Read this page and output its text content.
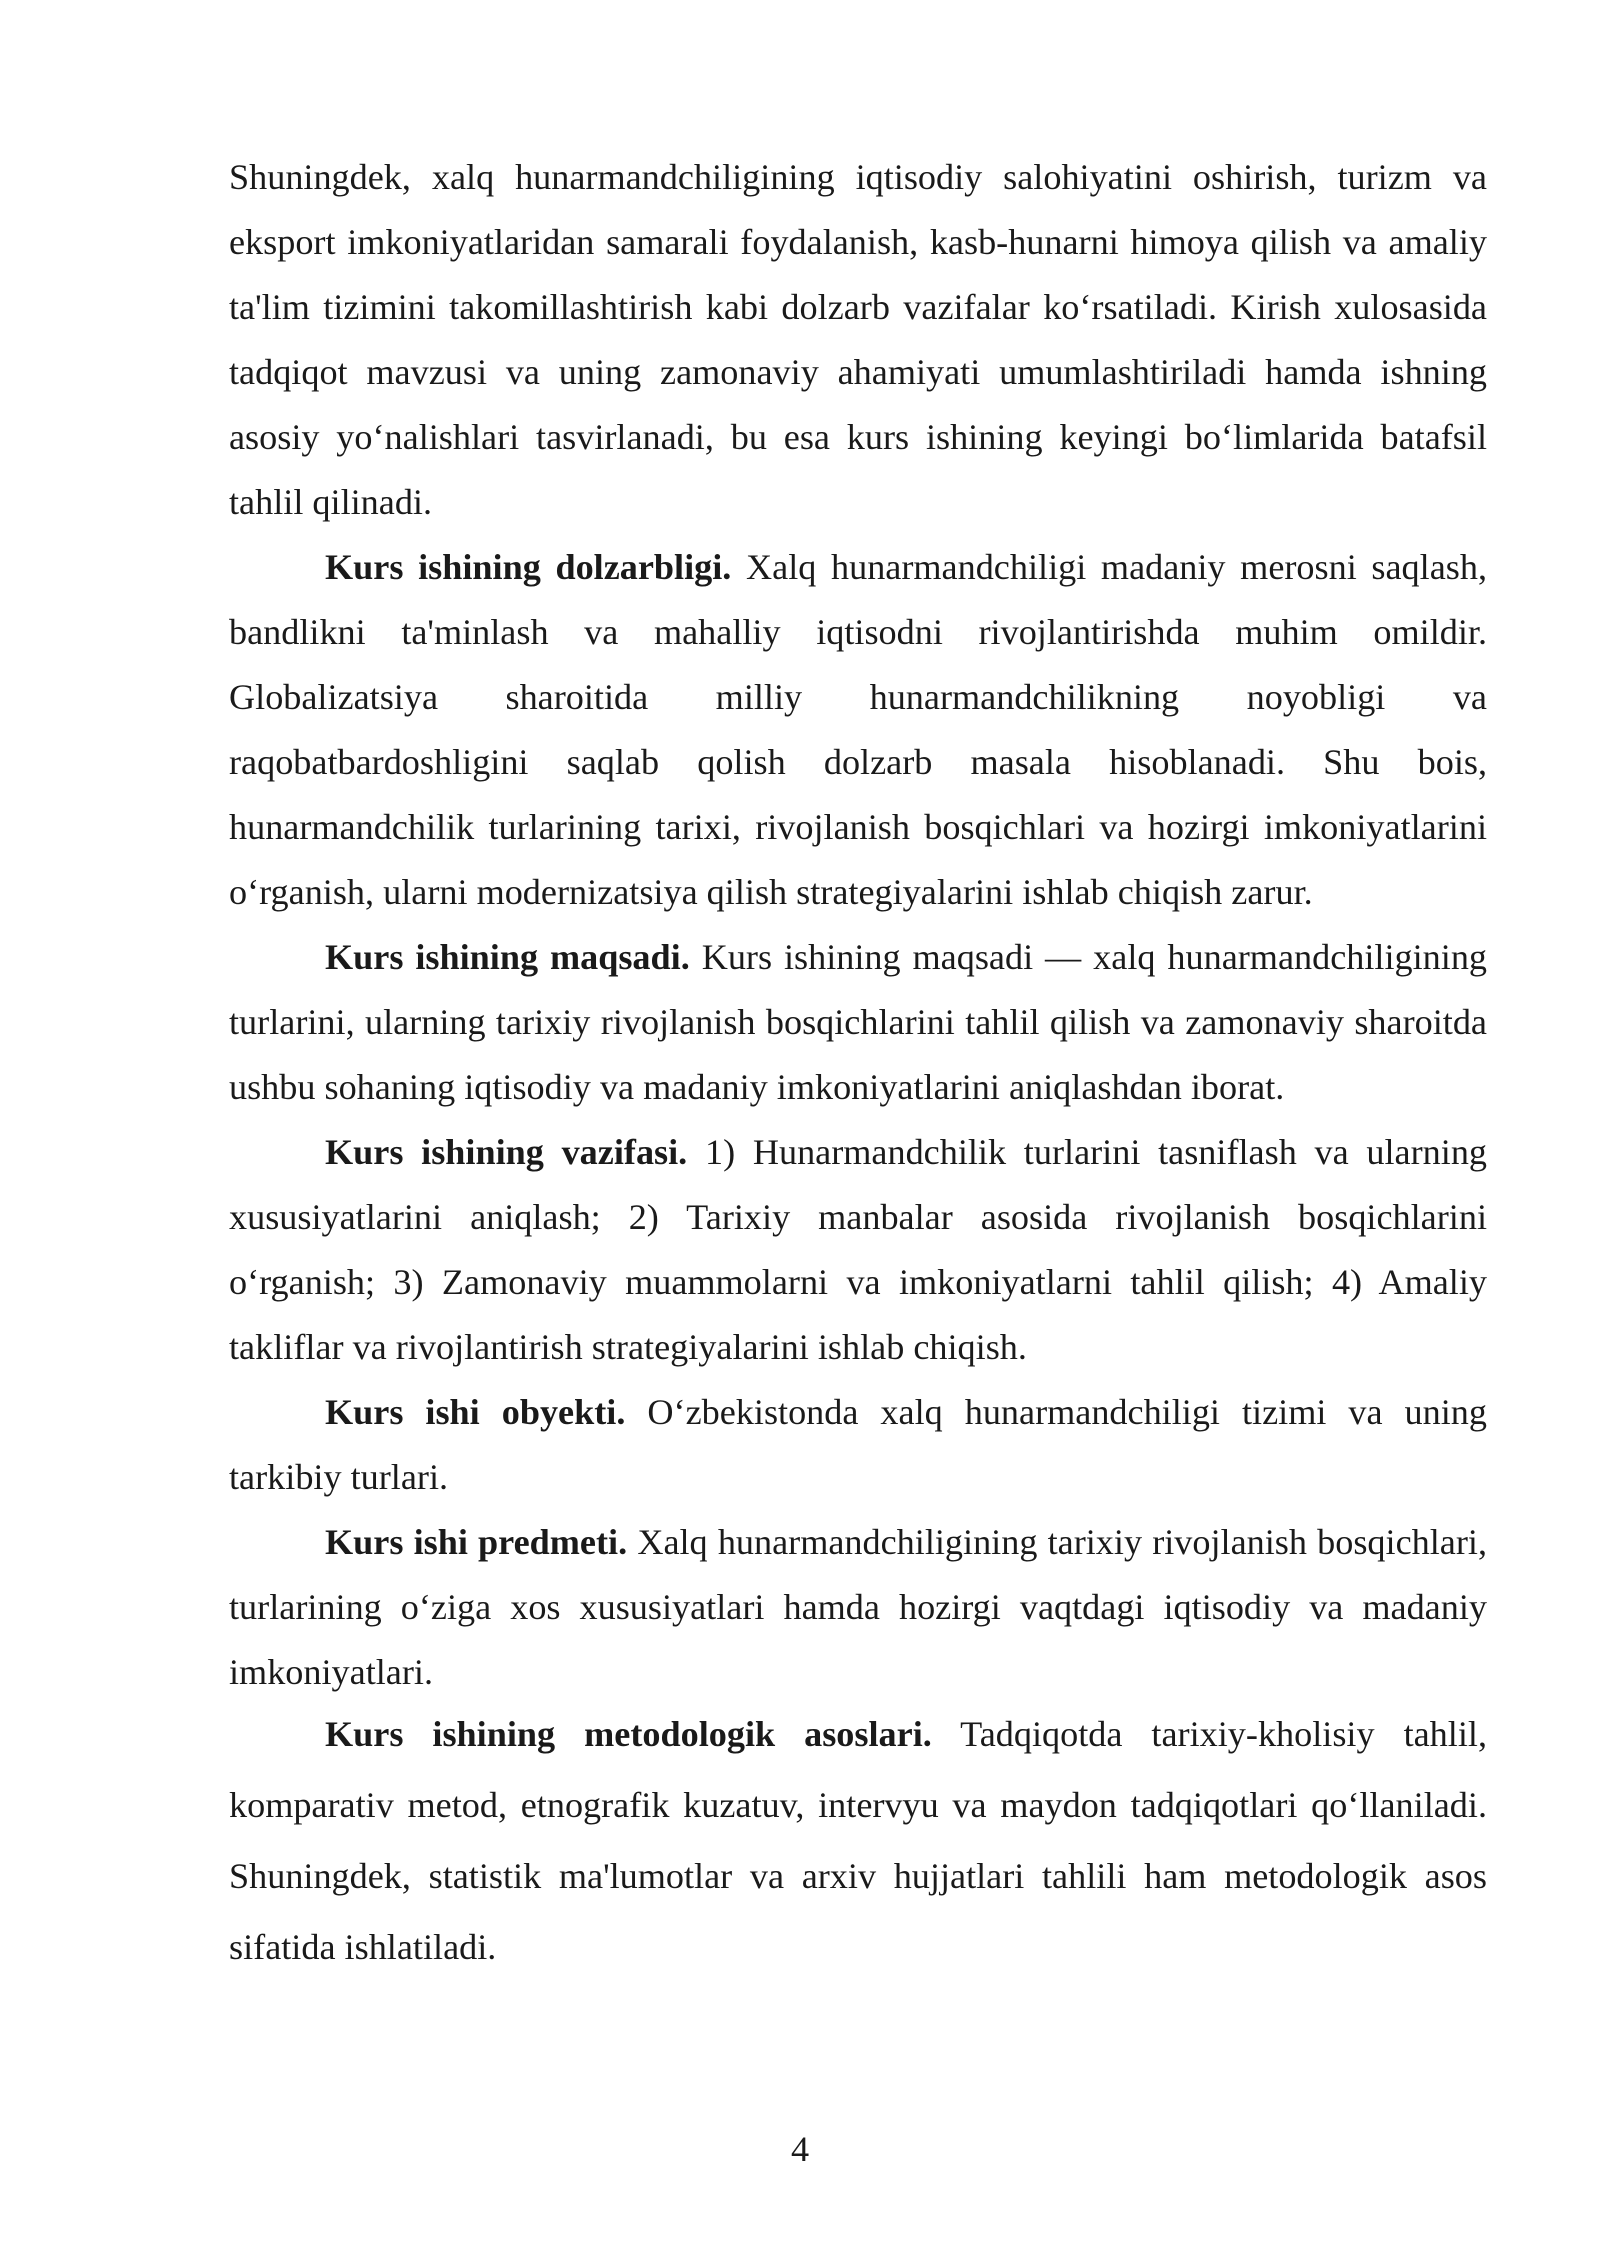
Shuningdek, xalq hunarmandchiligining iqtisodiy salohiyatini oshirish, turizm va eksport imkoniyatlaridan samarali foydalanish, kasb-hunarni himoya qilish va amaliy ta'lim tizimini takomillashtirish kabi dolzarb vazifalar ko‘rsatiladi. Kirish xulosasida tadqiqot mavzusi va uning zamonaviy ahamiyati umumlashtiriladi hamda ishning asosiy yo‘nalishlari tasvirlanadi, bu esa kurs ishining keyingi bo‘limlarida batafsil tahlil qilinadi.

Kurs ishining dolzarbligi. Xalq hunarmandchiligi madaniy merosni saqlash, bandlikni ta'minlash va mahalliy iqtisodni rivojlantirishda muhim omildir. Globalizatsiya sharoitida milliy hunarmandchilikning noyobligi va raqobatbardoshligini saqlab qolish dolzarb masala hisoblanadi. Shu bois, hunarmandchilik turlarining tarixi, rivojlanish bosqichlari va hozirgi imkoniyatlarini o‘rganish, ularni modernizatsiya qilish strategiyalarini ishlab chiqish zarur.

Kurs ishining maqsadi. Kurs ishining maqsadi — xalq hunarmandchiligining turlarini, ularning tarixiy rivojlanish bosqichlarini tahlil qilish va zamonaviy sharoitda ushbu sohaning iqtisodiy va madaniy imkoniyatlarini aniqlashdan iborat.

Kurs ishining vazifasi. 1) Hunarmandchilik turlarini tasniflash va ularning xususiyatlarini aniqlash; 2) Tarixiy manbalar asosida rivojlanish bosqichlarini o‘rganish; 3) Zamonaviy muammolarni va imkoniyatlarni tahlil qilish; 4) Amaliy takliflar va rivojlantirish strategiyalarini ishlab chiqish.

Kurs ishi obyekti. O‘zbekistonda xalq hunarmandchiligi tizimi va uning tarkibiy turlari.

Kurs ishi predmeti. Xalq hunarmandchiligining tarixiy rivojlanish bosqichlari, turlarining o‘ziga xos xususiyatlari hamda hozirgi vaqtdagi iqtisodiy va madaniy imkoniyatlari.

Kurs ishining metodologik asoslari. Tadqiqotda tarixiy-kholisiy tahlil, komparativ metod, etnografik kuzatuv, intervyu va maydon tadqiqotlari qo‘llaniladi. Shuningdek, statistik ma'lumotlar va arxiv hujjatlari tahlili ham metodologik asos sifatida ishlatiladi.

4
